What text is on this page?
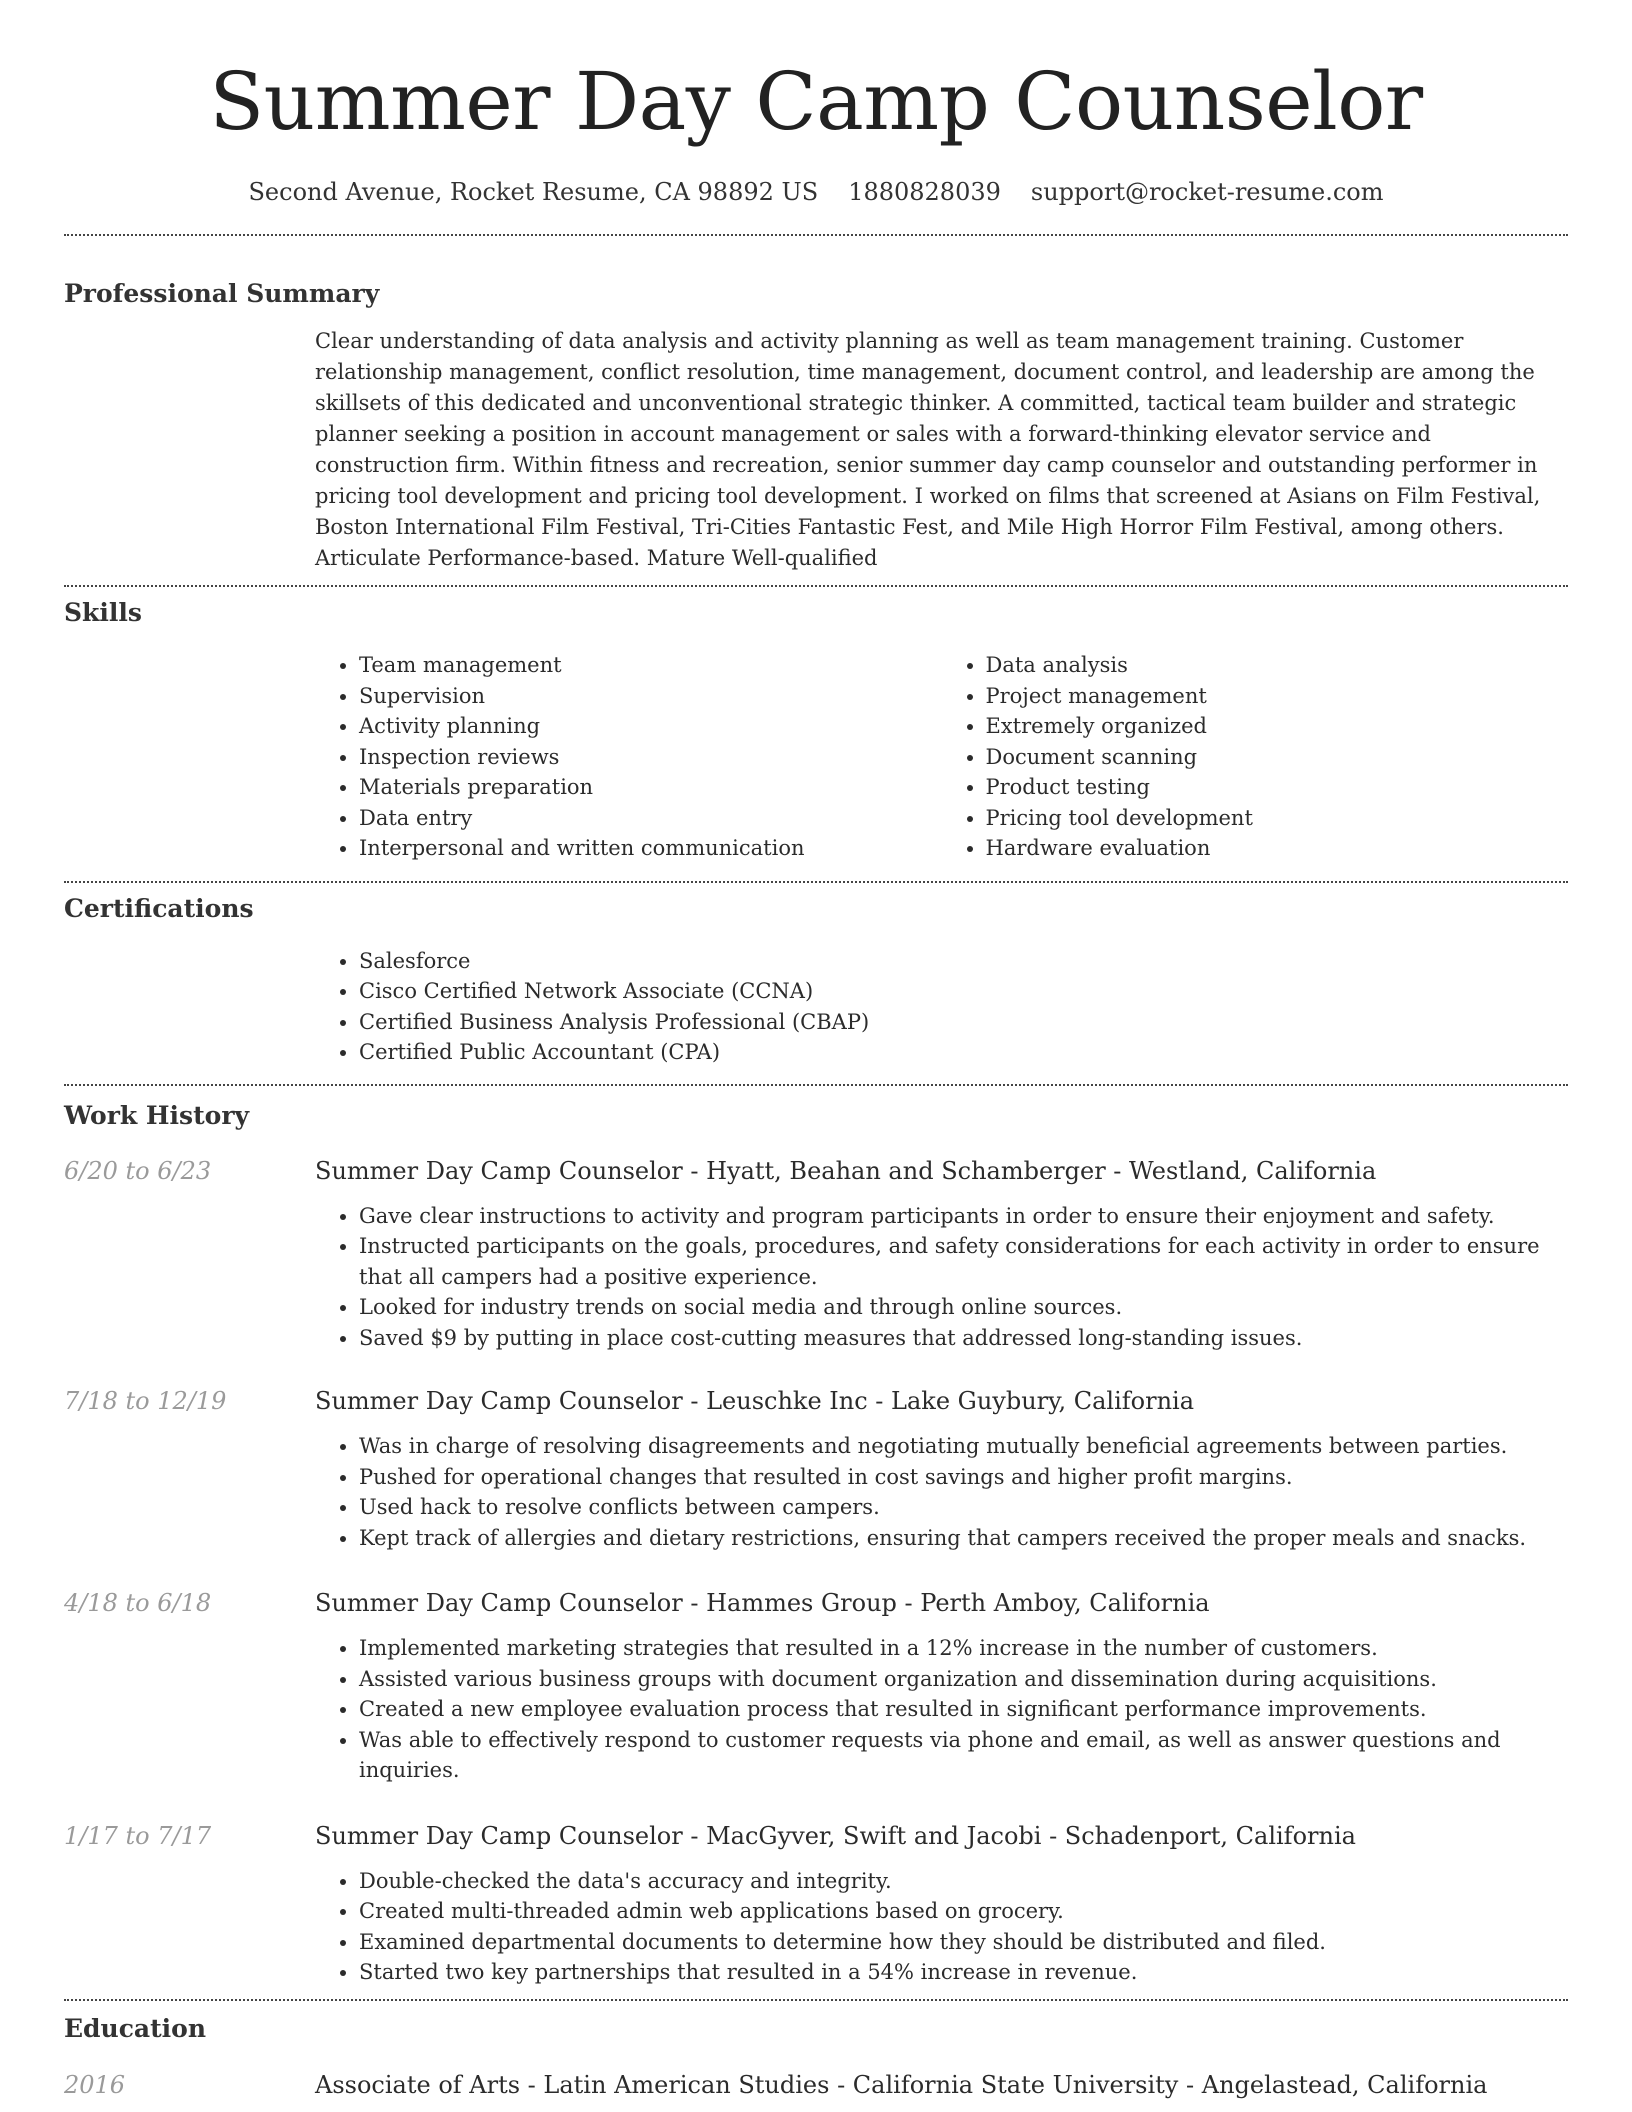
Summer Day Camp Counselor
Second Avenue, Rocket Resume, CA 98892 US 1880828039 support@rocket-resume.com
Professional Summary
Clear understanding of data analysis and activity planning as well as team management training. Customer relationship management, conflict resolution, time management, document control, and leadership are among the skillsets of this dedicated and unconventional strategic thinker. A committed, tactical team builder and strategic planner seeking a position in account management or sales with a forward-thinking elevator service and construction firm. Within fitness and recreation, senior summer day camp counselor and outstanding performer in pricing tool development and pricing tool development. I worked on films that screened at Asians on Film Festival, Boston International Film Festival, Tri-Cities Fantastic Fest, and Mile High Horror Film Festival, among others. Articulate Performance-based. Mature Well-qualified
Skills
• Team management
• Supervision
• Activity planning
• Inspection reviews
• Materials preparation
• Data entry
• Interpersonal and written communication
• Data analysis
• Project management
• Extremely organized
• Document scanning
• Product testing
• Pricing tool development
• Hardware evaluation
Certifications
• Salesforce
• Cisco Certified Network Associate (CCNA)
• Certified Business Analysis Professional (CBAP)
• Certified Public Accountant (CPA)
Work History
6/20 to 6/23	Summer Day Camp Counselor - Hyatt, Beahan and Schamberger - Westland, California
• Gave clear instructions to activity and program participants in order to ensure their enjoyment and safety.
• Instructed participants on the goals, procedures, and safety considerations for each activity in order to ensure that all campers had a positive experience.
• Looked for industry trends on social media and through online sources.
• Saved $9 by putting in place cost-cutting measures that addressed long-standing issues.
7/18 to 12/19	Summer Day Camp Counselor - Leuschke Inc - Lake Guybury, California
• Was in charge of resolving disagreements and negotiating mutually beneficial agreements between parties.
• Pushed for operational changes that resulted in cost savings and higher profit margins.
• Used hack to resolve conflicts between campers.
• Kept track of allergies and dietary restrictions, ensuring that campers received the proper meals and snacks.
4/18 to 6/18	Summer Day Camp Counselor - Hammes Group - Perth Amboy, California
• Implemented marketing strategies that resulted in a 12% increase in the number of customers.
• Assisted various business groups with document organization and dissemination during acquisitions.
• Created a new employee evaluation process that resulted in significant performance improvements.
• Was able to effectively respond to customer requests via phone and email, as well as answer questions and inquiries.
1/17 to 7/17	Summer Day Camp Counselor - MacGyver, Swift and Jacobi - Schadenport, California
• Double-checked the data's accuracy and integrity.
• Created multi-threaded admin web applications based on grocery.
• Examined departmental documents to determine how they should be distributed and filed.
• Started two key partnerships that resulted in a 54% increase in revenue.
Education
2016	Associate of Arts - Latin American Studies - California State University - Angelastead, California
